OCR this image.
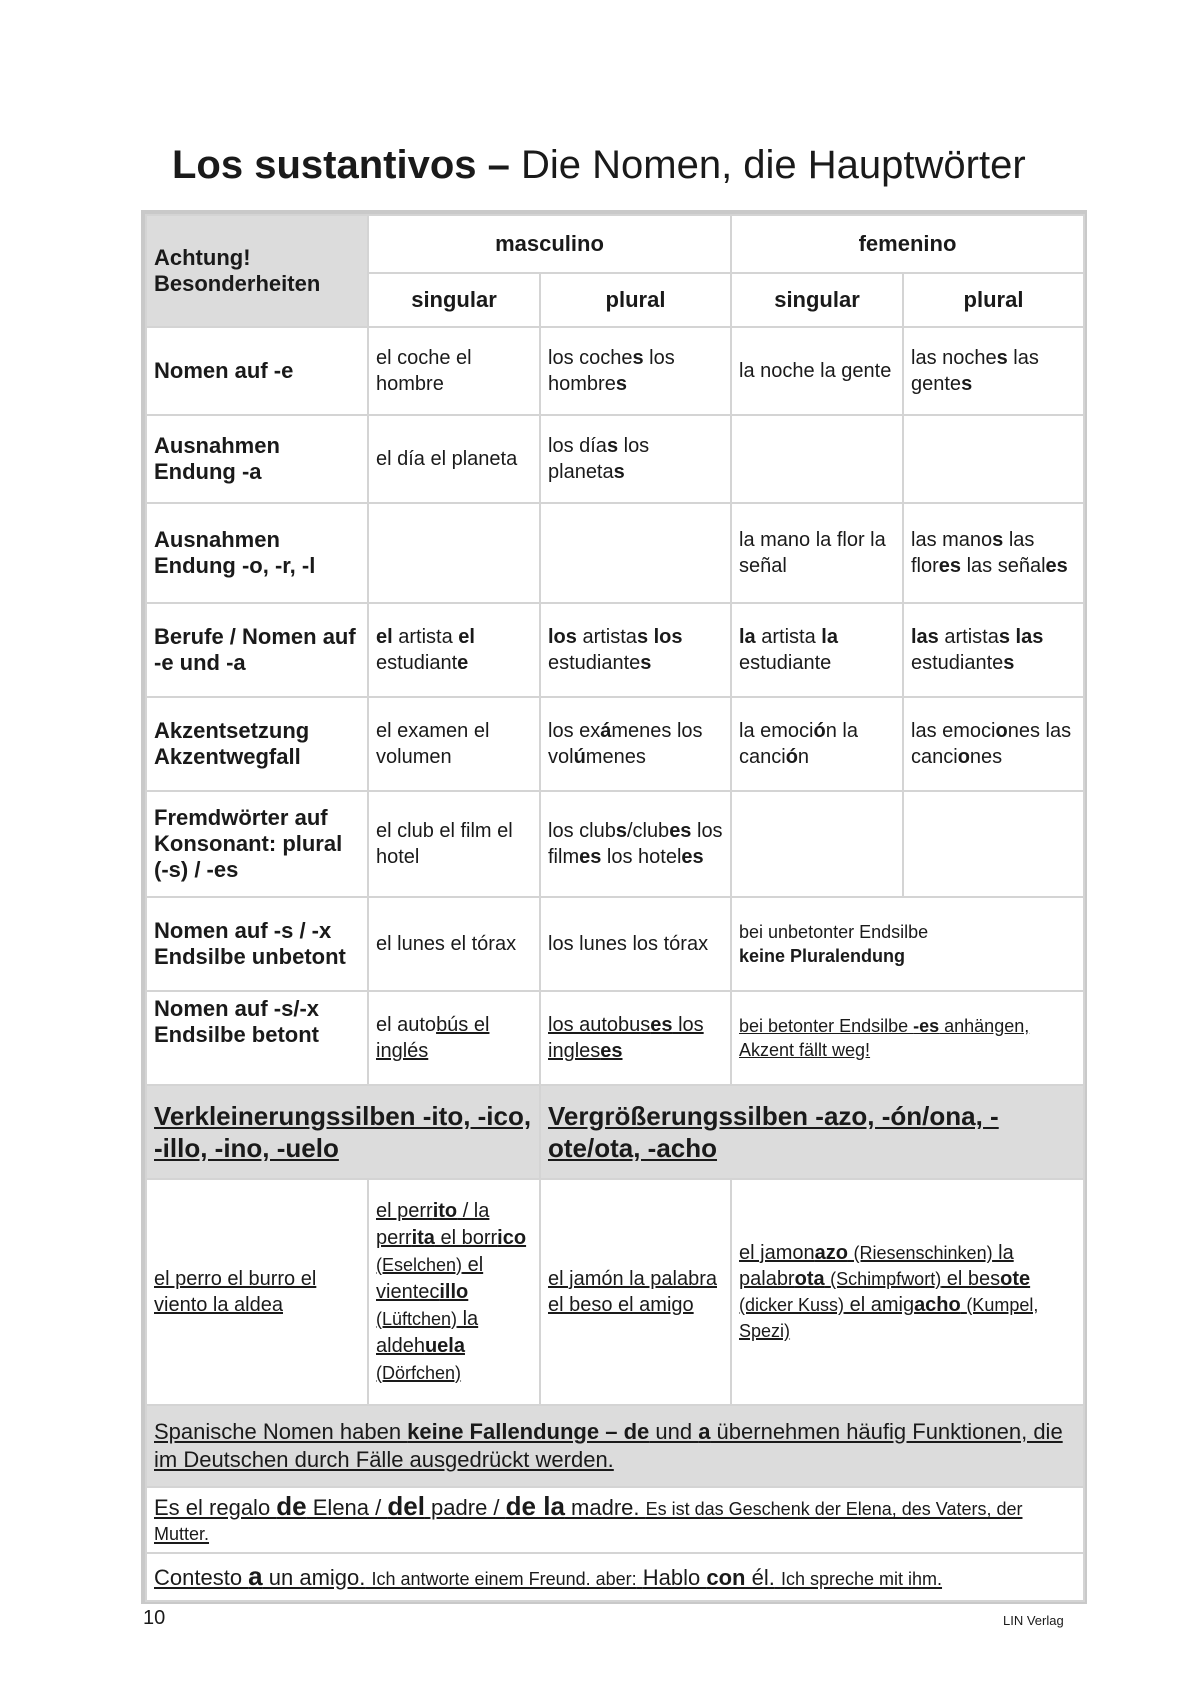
Los sustantivos – Die Nomen, die Hauptwörter
Achtung! Besonderheiten	masculino		femenino	
	singular	plural	singular	plural
Nomen auf -e	el coche el hombre	los coches los hombres	la noche la gente	las noches las gentes
Ausnahmen Endung -a	el día el planeta	los días los planetas		
Ausnahmen Endung -o, -r, -l			la mano la flor la señal	las manos las flores las señales
Berufe / Nomen auf -e und -a	el artista el estudiante	los artistas los estudiantes	la artista la estudiante	las artistas las estudiantes
Akzentsetzung Akzentwegfall	el examen el volumen	los exámenes los volúmenes	la emoción la canción	las emociones las canciones
Fremdwörter auf Konsonant: plural (-s) / -es	el club el film el hotel	los clubs/clubes los filmes los hoteles		
Nomen auf -s / -x Endsilbe unbetont	el lunes el tórax	los lunes los tórax	bei unbetonter Endsilbe
keine Pluralendung	
Nomen auf -s/-x Endsilbe betont	el autobús el inglés	los autobuses los ingleses	bei betonter Endsilbe -es anhängen, Akzent fällt weg!	
Verkleinerungssilben -ito, -ico, -illo, -ino, -uelo		Vergrößerungssilben -azo, -ón/ona, -ote/ota, -acho		
el perro el burro el viento la aldea	el perrito / la perrita el borrico (Eselchen) el vientecillo (Lüftchen) la aldehuela (Dörfchen)	el jamón la palabra el beso el amigo	el jamonazo (Riesenschinken) la palabrota (Schimpfwort) el besote (dicker Kuss) el amigacho (Kumpel, Spezi)	
Spanische Nomen haben keine Fallendunge – de und a übernehmen häufig Funktionen, die im Deutschen durch Fälle ausgedrückt werden.				
Es el regalo de Elena / del padre / de la madre. Es ist das Geschenk der Elena, des Vaters, der Mutter.				
Contesto a un amigo. Ich antworte einem Freund. aber: Hablo con él. Ich spreche mit ihm.				
10	LIN Verlag
